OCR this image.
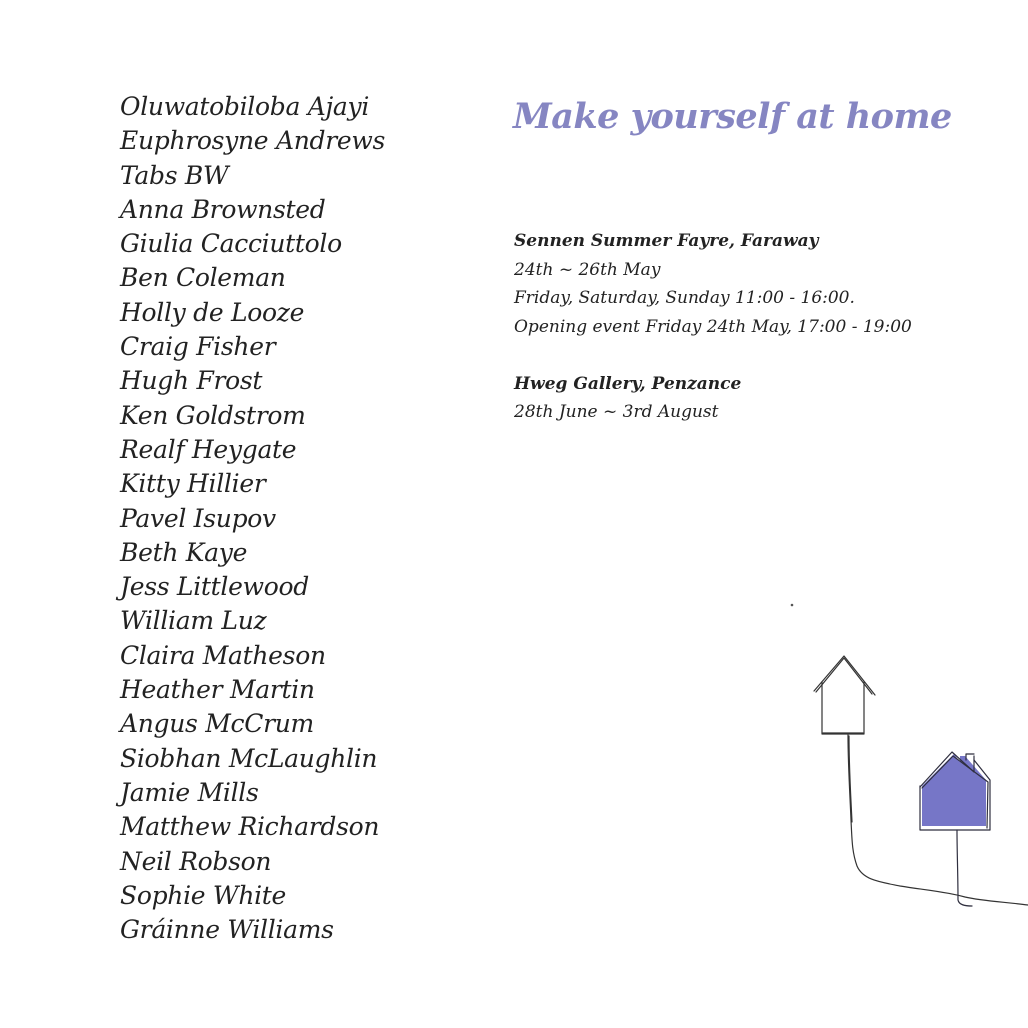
Oluwatobiloba Ajayi
Euphrosyne Andrews
Tabs BW
Anna Brownsted
Giulia Cacciuttolo
Ben Coleman
Holly de Looze
Craig Fisher
Hugh Frost
Ken Goldstrom
Realf Heygate
Kitty Hillier
Pavel Isupov
Beth Kaye
Jess Littlewood
William Luz
Claira Matheson
Heather Martin
Angus McCrum
Siobhan McLaughlin
Jamie Mills
Matthew Richardson
Neil Robson
Sophie White
Gráinne Williams
Make yourself at home
Sennen Summer Fayre, Faraway
24th ~ 26th May
Friday, Saturday, Sunday 11:00 - 16:00.
Opening event Friday 24th May, 17:00 - 19:00
Hweg Gallery, Penzance
28th June ~ 3rd August
